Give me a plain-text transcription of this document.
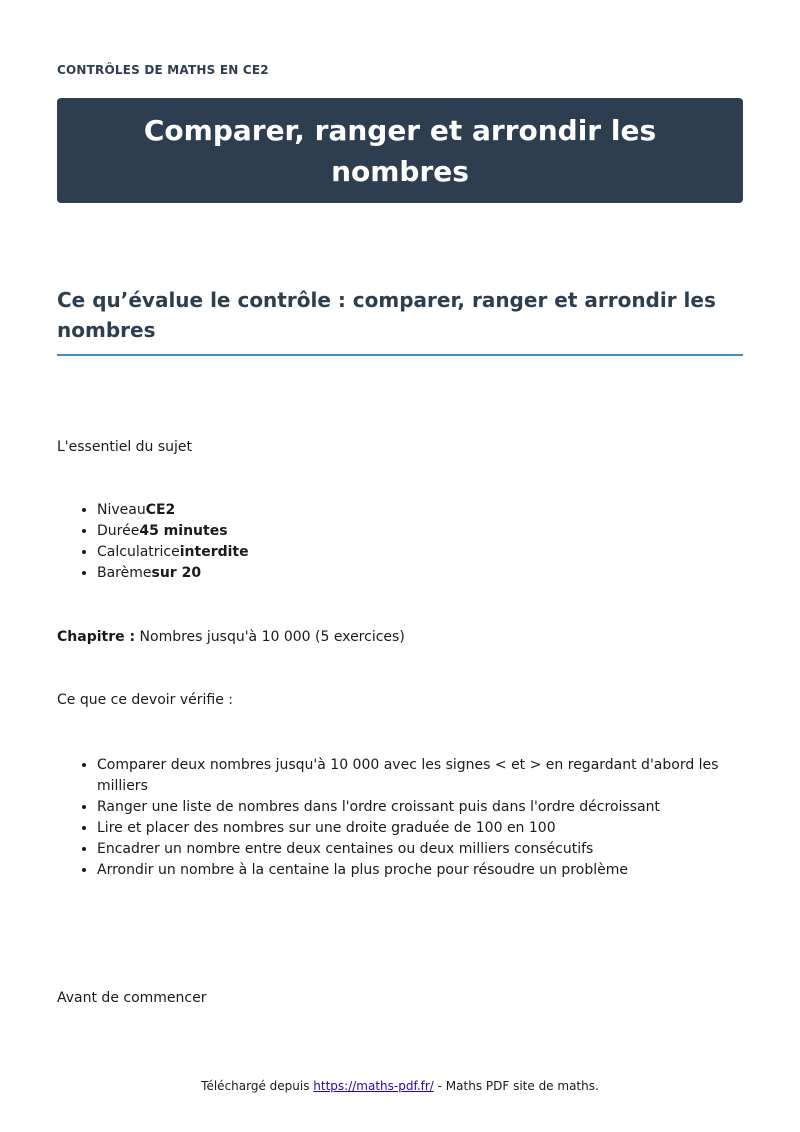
CONTRÔLES DE MATHS EN CE2
Comparer, ranger et arrondir les nombres
Ce qu’évalue le contrôle : comparer, ranger et arrondir les nombres

L'essentiel du sujet

• NiveauCE2
• Durée45 minutes
• Calculatriceinterdite
• Barèmesur 20

Chapitre : Nombres jusqu'à 10 000 (5 exercices)

Ce que ce devoir vérifie :

• Comparer deux nombres jusqu'à 10 000 avec les signes < et > en regardant d'abord les milliers
• Ranger une liste de nombres dans l'ordre croissant puis dans l'ordre décroissant
• Lire et placer des nombres sur une droite graduée de 100 en 100
• Encadrer un nombre entre deux centaines ou deux milliers consécutifs
• Arrondir un nombre à la centaine la plus proche pour résoudre un problème

Avant de commencer

Téléchargé depuis https://maths-pdf.fr/ - Maths PDF site de maths.
